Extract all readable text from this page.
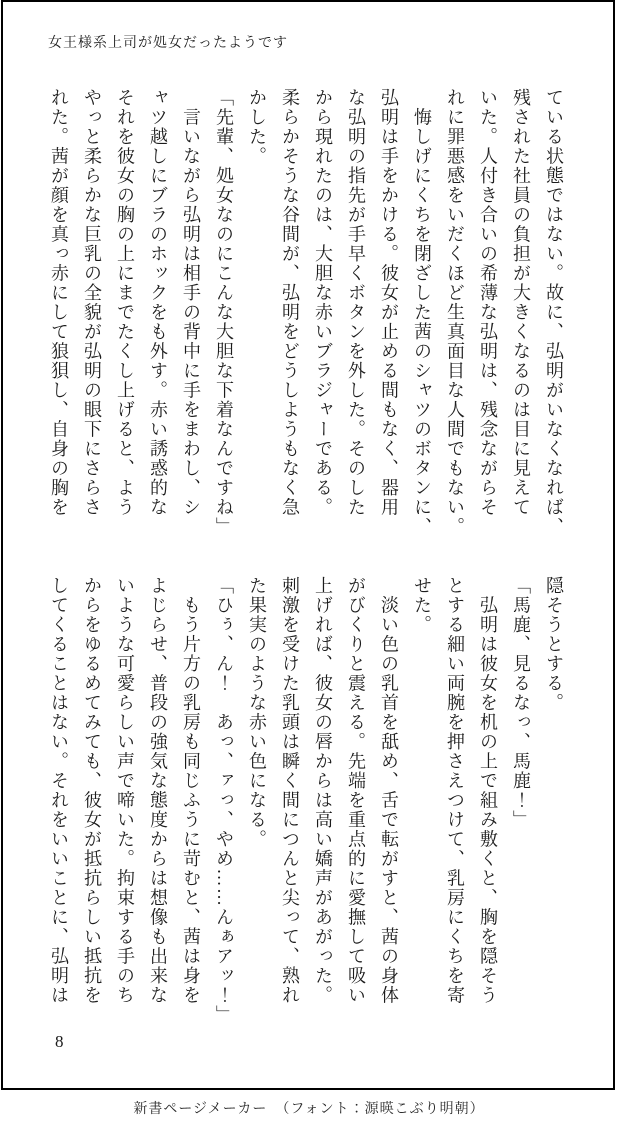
女王様系上司が処女だったようです
ている状態ではない。故に、弘明がいなくなれば、
残された社員の負担が大きくなるのは目に見えて
いた。人付き合いの希薄な弘明は、残念ながらそ
れに罪悪感をいだくほど生真面目な人間でもない。
　悔しげにくちを閉ざした茜のシャツのボタンに、
弘明は手をかける。彼女が止める間もなく、器用
な弘明の指先が手早くボタンを外した。そのした
から現れたのは、大胆な赤いブラジャーである。
柔らかそうな谷間が、弘明をどうしようもなく急
かした。
「先輩、処女なのにこんな大胆な下着なんですね」
　言いながら弘明は相手の背中に手をまわし、シ
ャツ越しにブラのホックをも外す。赤い誘惑的な
それを彼女の胸の上にまでたくし上げると、よう
やっと柔らかな巨乳の全貌が弘明の眼下にさらさ
れた。茜が顔を真っ赤にして狼狽し、自身の胸を
隠そうとする。
「馬鹿、見るなっ、馬鹿！」
　弘明は彼女を机の上で組み敷くと、胸を隠そう
とする細い両腕を押さえつけて、乳房にくちを寄
せた。
　淡い色の乳首を舐め、舌で転がすと、茜の身体
がびくりと震える。先端を重点的に愛撫して吸い
上げれば、彼女の唇からは高い嬌声があがった。
刺激を受けた乳頭は瞬く間につんと尖って、熟れ
た果実のような赤い色になる。
「ひぅ、ん！　あっ、ァっ、やめ……んぁアッ！」
　もう片方の乳房も同じふうに苛むと、茜は身を
よじらせ、普段の強気な態度からは想像も出来な
いような可愛らしい声で啼いた。拘束する手のち
からをゆるめてみても、彼女が抵抗らしい抵抗を
してくることはない。それをいいことに、弘明は
8
新書ページメーカー　（フォント：源暎こぶり明朝）
